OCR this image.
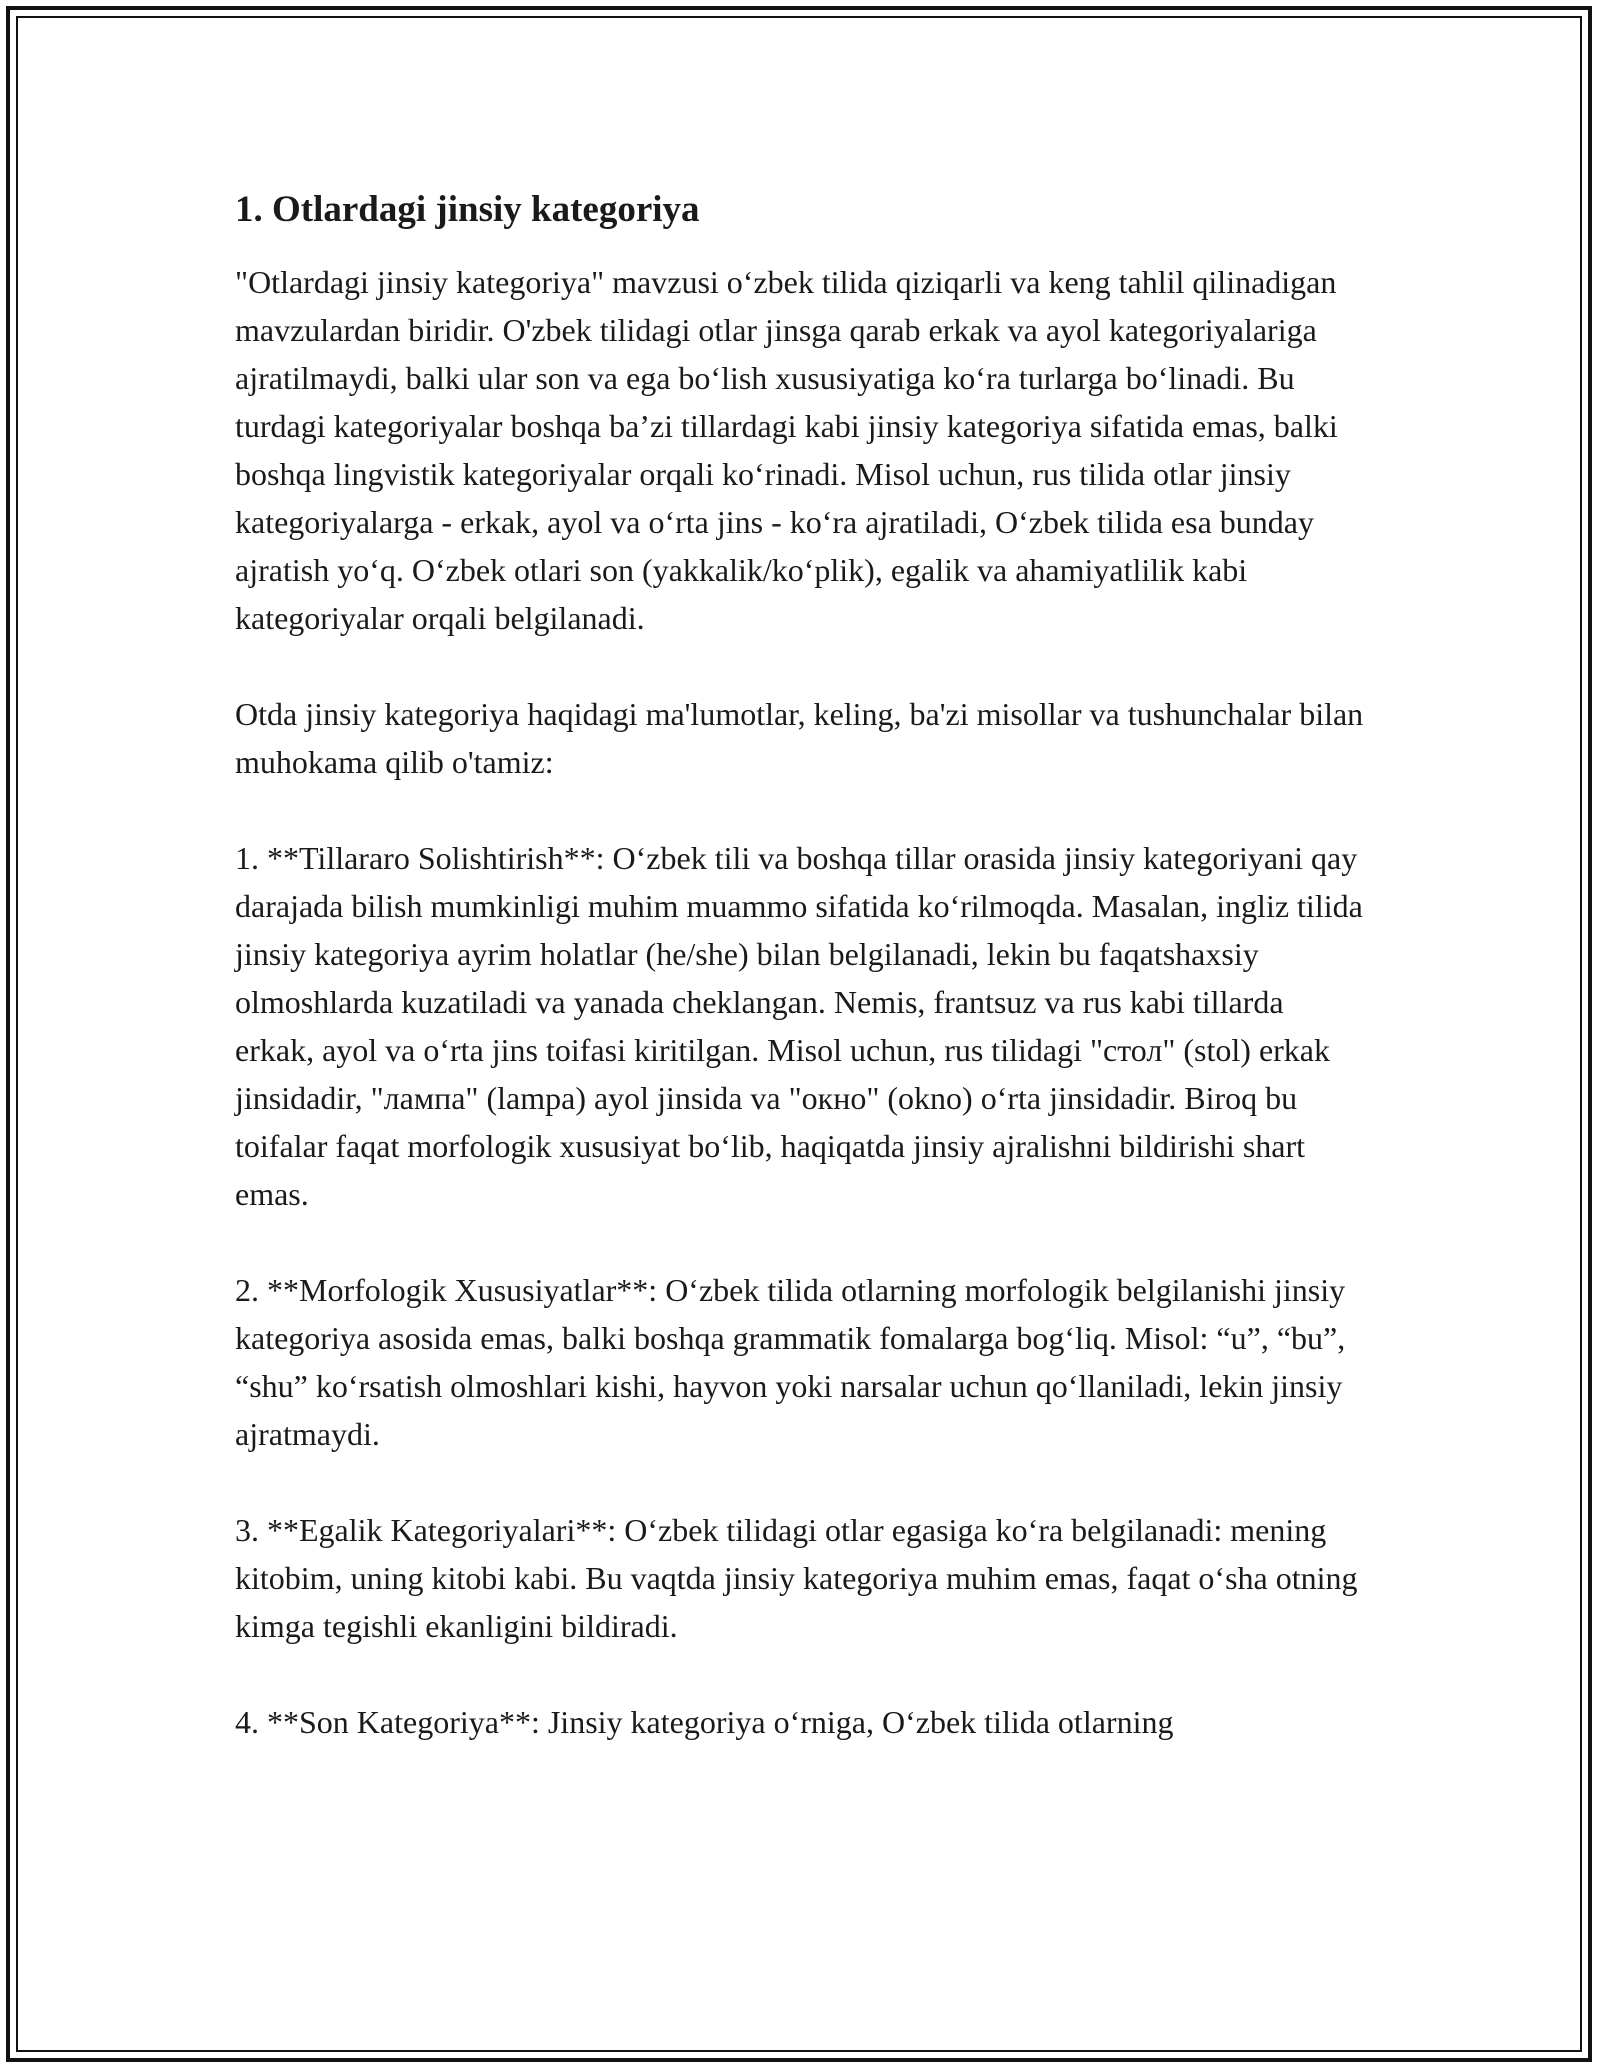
1. Otlardagi jinsiy kategoriya

"Otlardagi jinsiy kategoriya" mavzusi oʻzbek tilida qiziqarli va keng tahlil qilinadigan mavzulardan biridir. O'zbek tilidagi otlar jinsga qarab erkak va ayol kategoriyalariga ajratilmaydi, balki ular son va ega boʻlish xususiyatiga koʻra turlarga boʻlinadi. Bu turdagi kategoriyalar boshqa ba’zi tillardagi kabi jinsiy kategoriya sifatida emas, balki boshqa lingvistik kategoriyalar orqali koʻrinadi. Misol uchun, rus tilida otlar jinsiy kategoriyalarga - erkak, ayol va oʻrta jins - koʻra ajratiladi, Oʻzbek tilida esa bunday ajratish yoʻq. Oʻzbek otlari son (yakkalik/koʻplik), egalik va ahamiyatlilik kabi kategoriyalar orqali belgilanadi.

Otda jinsiy kategoriya haqidagi ma'lumotlar, keling, ba'zi misollar va tushunchalar bilan muhokama qilib o'tamiz:

1. **Tillararo Solishtirish**: Oʻzbek tili va boshqa tillar orasida jinsiy kategoriyani qay darajada bilish mumkinligi muhim muammo sifatida koʻrilmoqda. Masalan, ingliz tilida jinsiy kategoriya ayrim holatlar (he/she) bilan belgilanadi, lekin bu faqatshaxsiy olmoshlarda kuzatiladi va yanada cheklangan. Nemis, frantsuz va rus kabi tillarda erkak, ayol va oʻrta jins toifasi kiritilgan. Misol uchun, rus tilidagi "стол" (stol) erkak jinsidadir, "лампа" (lampa) ayol jinsida va "окно" (okno) oʻrta jinsidadir. Biroq bu toifalar faqat morfologik xususiyat boʻlib, haqiqatda jinsiy ajralishni bildirishi shart emas.

2. **Morfologik Xususiyatlar**: Oʻzbek tilida otlarning morfologik belgilanishi jinsiy kategoriya asosida emas, balki boshqa grammatik fomalarga bogʻliq. Misol: “u”, “bu”, “shu” koʻrsatish olmoshlari kishi, hayvon yoki narsalar uchun qoʻllaniladi, lekin jinsiy ajratmaydi.

3. **Egalik Kategoriyalari**: Oʻzbek tilidagi otlar egasiga koʻra belgilanadi: mening kitobim, uning kitobi kabi. Bu vaqtda jinsiy kategoriya muhim emas, faqat oʻsha otning kimga tegishli ekanligini bildiradi.

4. **Son Kategoriya**: Jinsiy kategoriya oʻrniga, Oʻzbek tilida otlarning
